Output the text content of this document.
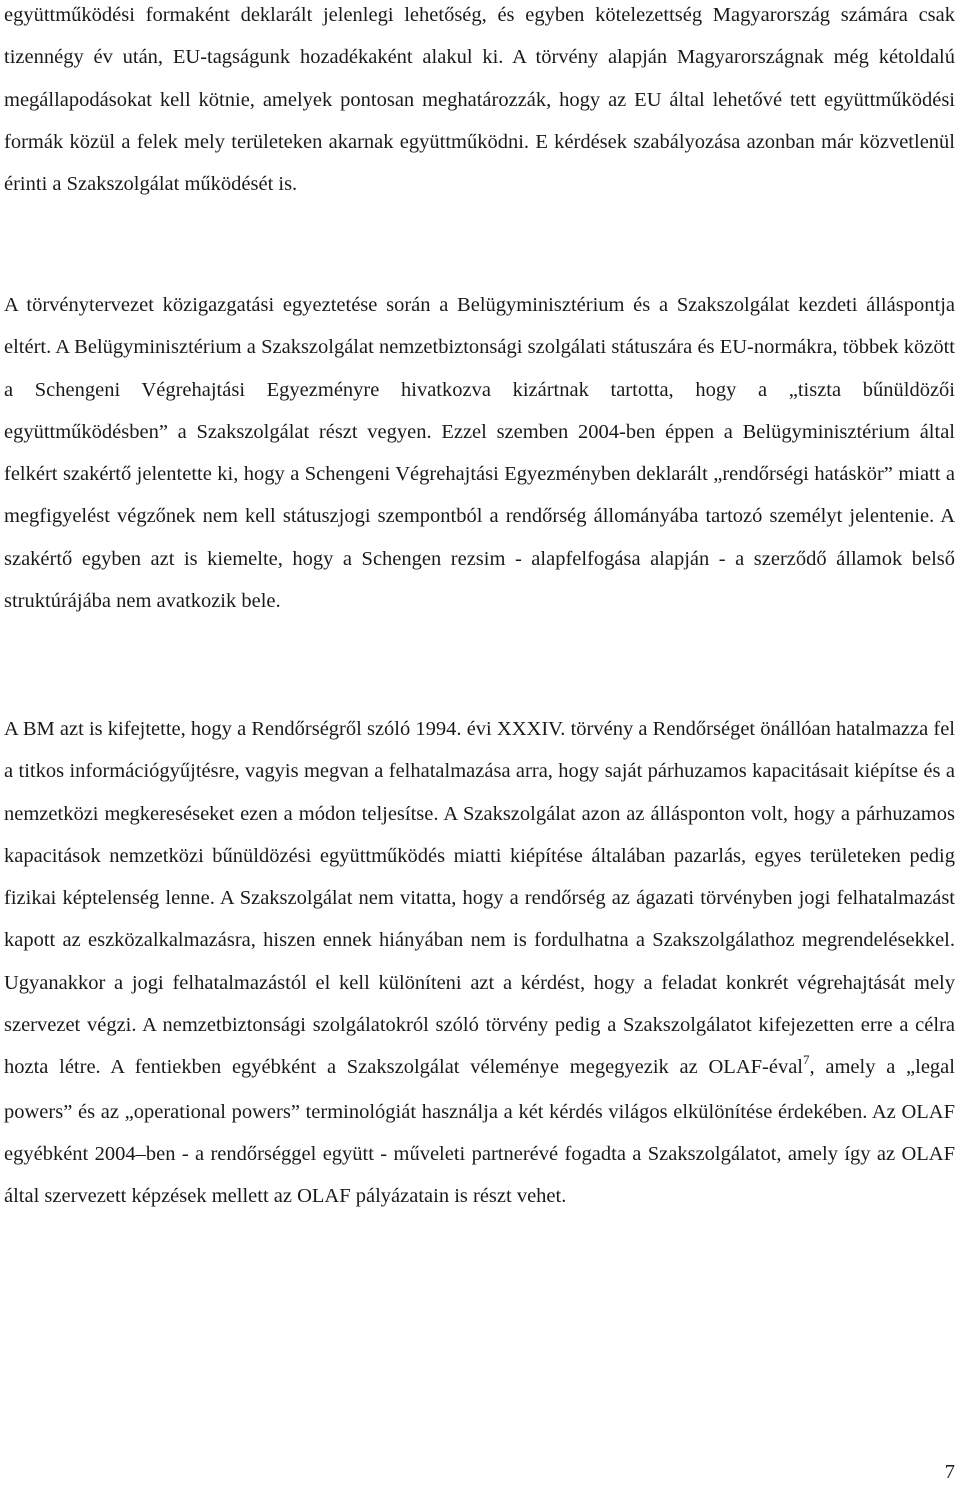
együttműködési formaként deklarált jelenlegi lehetőség, és egyben kötelezettség Magyarország számára csak tizennégy év után, EU-tagságunk hozadékaként alakul ki. A törvény alapján Magyarországnak még kétoldalú megállapodásokat kell kötnie, amelyek pontosan meghatározzák, hogy az EU által lehetővé tett együttműködési formák közül a felek mely területeken akarnak együttműködni. E kérdések szabályozása azonban már közvetlenül érinti a Szakszolgálat működését is.

A törvénytervezet közigazgatási egyeztetése során a Belügyminisztérium és a Szakszolgálat kezdeti álláspontja eltért. A Belügyminisztérium a Szakszolgálat nemzetbiztonsági szolgálati státuszára és EU-normákra, többek között a Schengeni Végrehajtási Egyezményre hivatkozva kizártnak tartotta, hogy a „tiszta bűnüldözői együttműködésben” a Szakszolgálat részt vegyen. Ezzel szemben 2004-ben éppen a Belügyminisztérium által felkért szakértő jelentette ki, hogy a Schengeni Végrehajtási Egyezményben deklarált „rendőrségi hatáskör” miatt a megfigyelést végzőnek nem kell státuszjogi szempontból a rendőrség állományába tartozó személyt jelentenie. A szakértő egyben azt is kiemelte, hogy a Schengen rezsim - alapfelfogása alapján - a szerződő államok belső struktúrájába nem avatkozik bele.

A BM azt is kifejtette, hogy a Rendőrségről szóló 1994. évi XXXIV. törvény a Rendőrséget önállóan hatalmazza fel a titkos információgyűjtésre, vagyis megvan a felhatalmazása arra, hogy saját párhuzamos kapacitásait kiépítse és a nemzetközi megkereséseket ezen a módon teljesítse. A Szakszolgálat azon az állásponton volt, hogy a párhuzamos kapacitások nemzetközi bűnüldözési együttműködés miatti kiépítése általában pazarlás, egyes területeken pedig fizikai képtelenség lenne. A Szakszolgálat nem vitatta, hogy a rendőrség az ágazati törvényben jogi felhatalmazást kapott az eszközalkalmazásra, hiszen ennek hiányában nem is fordulhatna a Szakszolgálathoz megrendelésekkel. Ugyanakkor a jogi felhatalmazástól el kell különíteni azt a kérdést, hogy a feladat konkrét végrehajtását mely szervezet végzi. A nemzetbiztonsági szolgálatokról szóló törvény pedig a Szakszolgálatot kifejezetten erre a célra hozta létre. A fentiekben egyébként a Szakszolgálat véleménye megegyezik az OLAF-éval$^7$, amely a „legal powers” és az „operational powers” terminológiát használja a két kérdés világos elkülönítése érdekében. Az OLAF egyébként 2004–ben - a rendőrséggel együtt - műveleti partnerévé fogadta a Szakszolgálatot, amely így az OLAF által szervezett képzések mellett az OLAF pályázatain is részt vehet.

7
